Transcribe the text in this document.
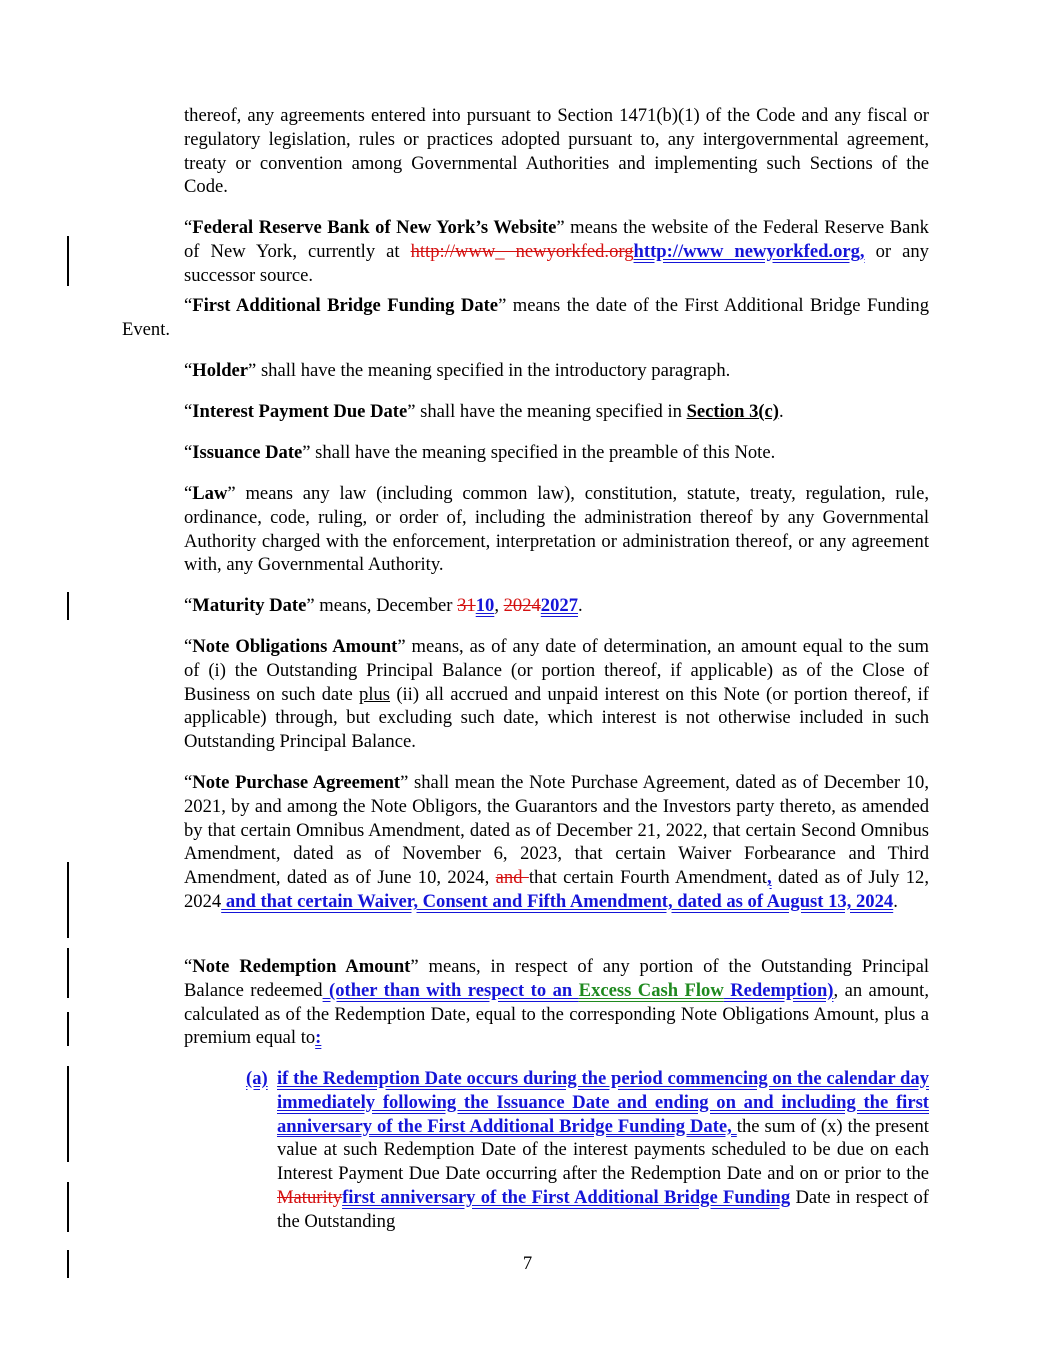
thereof, any agreements entered into pursuant to Section 1471(b)(1) of the Code and any fiscal or regulatory legislation, rules or practices adopted pursuant to, any intergovernmental agreement, treaty or convention among Governmental Authorities and implementing such Sections of the Code.

“Federal Reserve Bank of New York’s Website” means the website of the Federal Reserve Bank of New York, currently at http://www_ newyorkfed.orghttp://www newyorkfed.org, or any successor source.

“First Additional Bridge Funding Date” means the date of the First Additional Bridge Funding Event.

“Holder” shall have the meaning specified in the introductory paragraph.

“Interest Payment Due Date” shall have the meaning specified in Section 3(c).

“Issuance Date” shall have the meaning specified in the preamble of this Note.

“Law” means any law (including common law), constitution, statute, treaty, regulation, rule, ordinance, code, ruling, or order of, including the administration thereof by any Governmental Authority charged with the enforcement, interpretation or administration thereof, or any agreement with, any Governmental Authority.

“Maturity Date” means, December 3110, 20242027.

“Note Obligations Amount” means, as of any date of determination, an amount equal to the sum of (i) the Outstanding Principal Balance (or portion thereof, if applicable) as of the Close of Business on such date plus (ii) all accrued and unpaid interest on this Note (or portion thereof, if applicable) through, but excluding such date, which interest is not otherwise included in such Outstanding Principal Balance.

“Note Purchase Agreement” shall mean the Note Purchase Agreement, dated as of December 10, 2021, by and among the Note Obligors, the Guarantors and the Investors party thereto, as amended by that certain Omnibus Amendment, dated as of December 21, 2022, that certain Second Omnibus Amendment, dated as of November 6, 2023, that certain Waiver Forbearance and Third Amendment, dated as of June 10, 2024, and that certain Fourth Amendment, dated as of July 12, 2024 and that certain Waiver, Consent and Fifth Amendment, dated as of August 13, 2024.

“Note Redemption Amount” means, in respect of any portion of the Outstanding Principal Balance redeemed (other than with respect to an Excess Cash Flow Redemption), an amount, calculated as of the Redemption Date, equal to the corresponding Note Obligations Amount, plus a premium equal to:

(a) if the Redemption Date occurs during the period commencing on the calendar day immediately following the Issuance Date and ending on and including the first anniversary of the First Additional Bridge Funding Date, the sum of (x) the present value at such Redemption Date of the interest payments scheduled to be due on each Interest Payment Due Date occurring after the Redemption Date and on or prior to the Maturityfirst anniversary of the First Additional Bridge Funding Date in respect of the Outstanding
7
